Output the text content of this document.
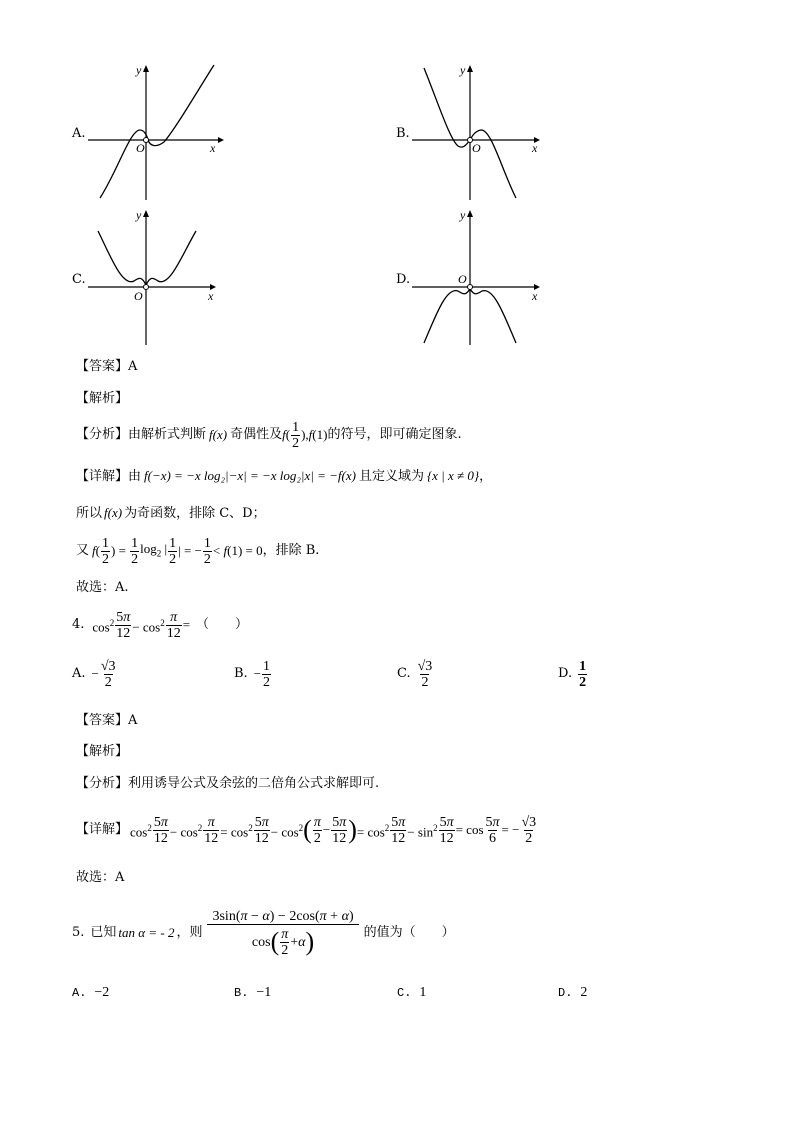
A.
O	x
y
B.
O	x
y
C.
O	x
y
D.	O
x
y
【答案】A
【解析】
【分析】 由解析式判断 f(x) 奇偶性及 f ( $\frac{1}{2}$ ), f (1) 的符号，即可确定图象.
【详解】由 f(−x) = −x log₂|−x| = −x log₂|x| = −f(x) 且定义域为 {x | x ≠ 0}，
所以 f(x) 为奇函数，排除 C、D；
又 f ( $\frac{1}{2}$ ) = $\frac{1}{2} \log_2$ | $\frac{1}{2}$ | = − $\frac{1}{2} < f$ (1) = 0 ，排除 B.
故选：A.
4. $\cos^2 \frac{5\pi}{12} - \cos^2 \frac{\pi}{12}$ = （　　）
A. − $\frac{√3}{2}$	B. − $\frac{1}{2}$	C. $\frac{√3}{2}$	D. $\frac{1}{2}$
【答案】A
【解析】
【分析】利用诱导公式及余弦的二倍角公式求解即可.
【详解】 $\cos^2 \frac{5\pi}{12} - \cos^2 \frac{\pi}{12} = \cos^2 \frac{5\pi}{12} - \cos^2$ ( $\frac{\pi}{2} - \frac{5\pi}{12}$ ) = $\cos^2 \frac{5\pi}{12} - \sin^2 \frac{5\pi}{12} = \cos \frac{5\pi}{6}$ = − $\frac{√3}{2}$
故选：A
5. 已知 tan α = - 2 ，则 $\frac{3\sin(\pi - \alpha) - 2\cos(\pi + \alpha)}{\cos ( \frac{\pi}{2} + \alpha )}$ 的值为（　　）
A. −2	B. −1	C. 1	D. 2
